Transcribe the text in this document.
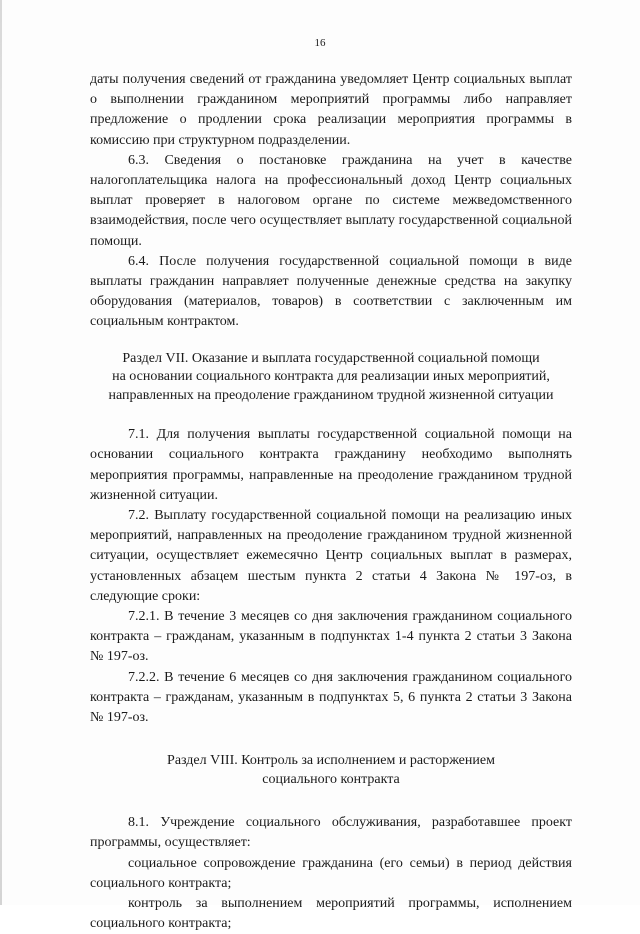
16

даты получения сведений от гражданина уведомляет Центр социальных выплат о выполнении гражданином мероприятий программы либо направляет предложение о продлении срока реализации мероприятия программы в комиссию при структурном подразделении.

6.3. Сведения о постановке гражданина на учет в качестве налогоплательщика налога на профессиональный доход Центр социальных выплат проверяет в налоговом органе по системе межведомственного взаимодействия, после чего осуществляет выплату государственной социальной помощи.

6.4. После получения государственной социальной помощи в виде выплаты гражданин направляет полученные денежные средства на закупку оборудования (материалов, товаров) в соответствии с заключенным им социальным контрактом.

Раздел VII. Оказание и выплата государственной социальной помощи
на основании социального контракта для реализации иных мероприятий,
направленных на преодоление гражданином трудной жизненной ситуации

7.1. Для получения выплаты государственной социальной помощи на основании социального контракта гражданину необходимо выполнять мероприятия программы, направленные на преодоление гражданином трудной жизненной ситуации.

7.2. Выплату государственной социальной помощи на реализацию иных мероприятий, направленных на преодоление гражданином трудной жизненной ситуации, осуществляет ежемесячно Центр социальных выплат в размерах, установленных абзацем шестым пункта 2 статьи 4 Закона № 197-оз, в следующие сроки:

7.2.1. В течение 3 месяцев со дня заключения гражданином социального контракта – гражданам, указанным в подпунктах 1-4 пункта 2 статьи 3 Закона № 197-оз.

7.2.2. В течение 6 месяцев со дня заключения гражданином социального контракта – гражданам, указанным в подпунктах 5, 6 пункта 2 статьи 3 Закона № 197-оз.

Раздел VIII. Контроль за исполнением и расторжением
социального контракта

8.1. Учреждение социального обслуживания, разработавшее проект программы, осуществляет:

социальное сопровождение гражданина (его семьи) в период действия социального контракта;

контроль за выполнением мероприятий программы, исполнением социального контракта;
